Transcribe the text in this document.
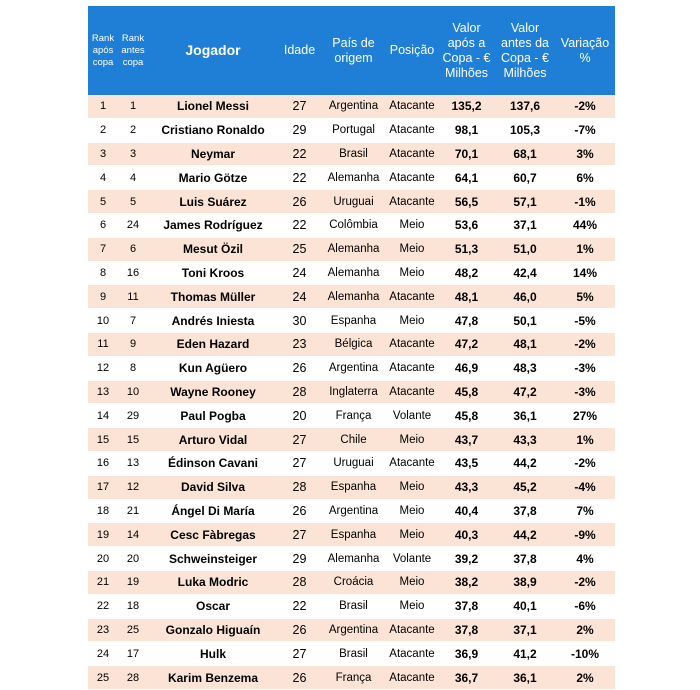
Rank após copa	Rank antes copa	Jogador	Idade	País de origem	Posição	Valor após a Copa - € Milhões	Valor antes da Copa - € Milhões	Variação %
1	1	Lionel Messi	27	Argentina	Atacante	135,2	137,6	-2%
2	2	Cristiano Ronaldo	29	Portugal	Atacante	98,1	105,3	-7%
3	3	Neymar	22	Brasil	Atacante	70,1	68,1	3%
4	4	Mario Götze	22	Alemanha	Atacante	64,1	60,7	6%
5	5	Luis Suárez	26	Uruguai	Atacante	56,5	57,1	-1%
6	24	James Rodríguez	22	Colômbia	Meio	53,6	37,1	44%
7	6	Mesut Özil	25	Alemanha	Meio	51,3	51,0	1%
8	16	Toni Kroos	24	Alemanha	Meio	48,2	42,4	14%
9	11	Thomas Müller	24	Alemanha	Atacante	48,1	46,0	5%
10	7	Andrés Iniesta	30	Espanha	Meio	47,8	50,1	-5%
11	9	Eden Hazard	23	Bélgica	Atacante	47,2	48,1	-2%
12	8	Kun Agüero	26	Argentina	Atacante	46,9	48,3	-3%
13	10	Wayne Rooney	28	Inglaterra	Atacante	45,8	47,2	-3%
14	29	Paul Pogba	20	França	Volante	45,8	36,1	27%
15	15	Arturo Vidal	27	Chile	Meio	43,7	43,3	1%
16	13	Édinson Cavani	27	Uruguai	Atacante	43,5	44,2	-2%
17	12	David Silva	28	Espanha	Meio	43,3	45,2	-4%
18	21	Ángel Di María	26	Argentina	Meio	40,4	37,8	7%
19	14	Cesc Fàbregas	27	Espanha	Meio	40,3	44,2	-9%
20	20	Schweinsteiger	29	Alemanha	Volante	39,2	37,8	4%
21	19	Luka Modric	28	Croácia	Meio	38,2	38,9	-2%
22	18	Oscar	22	Brasil	Meio	37,8	40,1	-6%
23	25	Gonzalo Higuaín	26	Argentina	Atacante	37,8	37,1	2%
24	17	Hulk	27	Brasil	Atacante	36,9	41,2	-10%
25	28	Karim Benzema	26	França	Atacante	36,7	36,1	2%
